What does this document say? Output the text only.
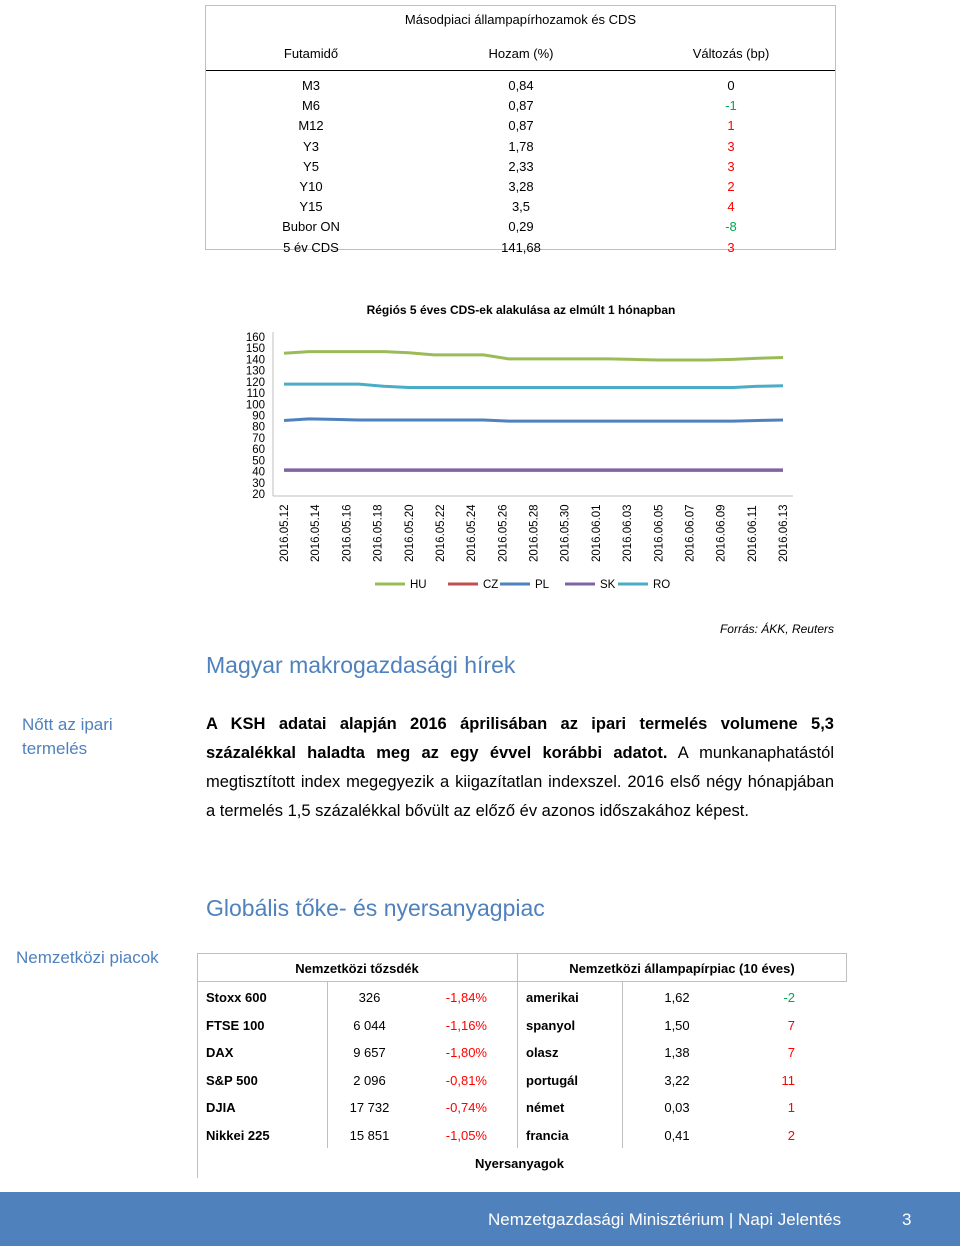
Másodpiaci állampapírhozamok és CDS
Futamidő	Hozam (%)	Változás (bp)
M3	0,84	0
M6	0,87	-1
M12	0,87	1
Y3	1,78	3
Y5	2,33	3
Y10	3,28	2
Y15	3,5	4
Bubor ON	0,29	-8
5 év CDS	141,68	3
Régiós 5 éves CDS-ek alakulása az elmúlt 1 hónapban
160
150
140
130
120
110
100
90
80
70
60
50
40
30
20
2016.05.12 2016.05.14 2016.05.16 2016.05.18 2016.05.20 2016.05.22 2016.05.24 2016.05.26 2016.05.28 2016.05.30 2016.06.01 2016.06.03 2016.06.05 2016.06.07 2016.06.09 2016.06.11 2016.06.13
HU	CZ	PL	SK	RO
Forrás: ÁKK, Reuters
Magyar makrogazdasági hírek
Nőtt az ipari termelés
A KSH adatai alapján 2016 áprilisában az ipari termelés volumene 5,3 százalékkal haladta meg az egy évvel korábbi adatot. A munkanaphatástól megtisztított index megegyezik a kiigazítatlan indexszel. 2016 első négy hónapjában a termelés 1,5 százalékkal bővült az előző év azonos időszakához képest.
Globális tőke- és nyersanyagpiac
Nemzetközi piacok
Nemzetközi tőzsdék	Nemzetközi állampapírpiac (10 éves)
Stoxx 600	326	-1,84%	amerikai	1,62	-2
FTSE 100	6 044	-1,16%	spanyol	1,50	7
DAX	9 657	-1,80%	olasz	1,38	7
S&P 500	2 096	-0,81%	portugál	3,22	11
DJIA	17 732	-0,74%	német	0,03	1
Nikkei 225	15 851	-1,05%	francia	0,41	2
Nyersanyagok
Nemzetgazdasági Minisztérium | Napi Jelentés	3
